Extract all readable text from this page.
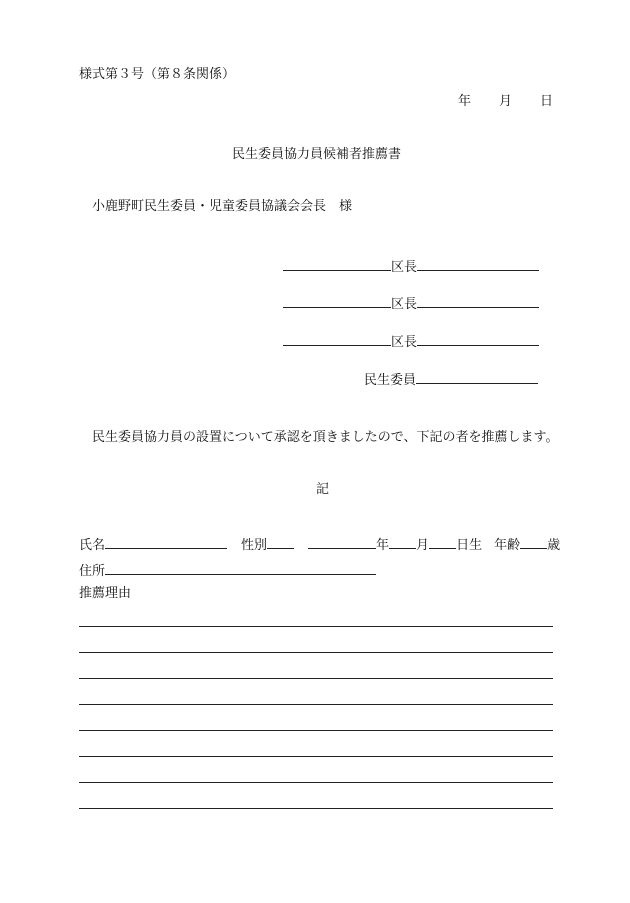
様式第３号（第８条関係）
年 月 日
民生委員協力員候補者推薦書
小鹿野町民生委員・児童委員協議会会長　様
区長
区長
区長
民生委員
民生委員協力員の設置について承認を頂きましたので、下記の者を推薦します。
記
氏名	性別	年 月 日生 年齢 歳
住所
推薦理由
